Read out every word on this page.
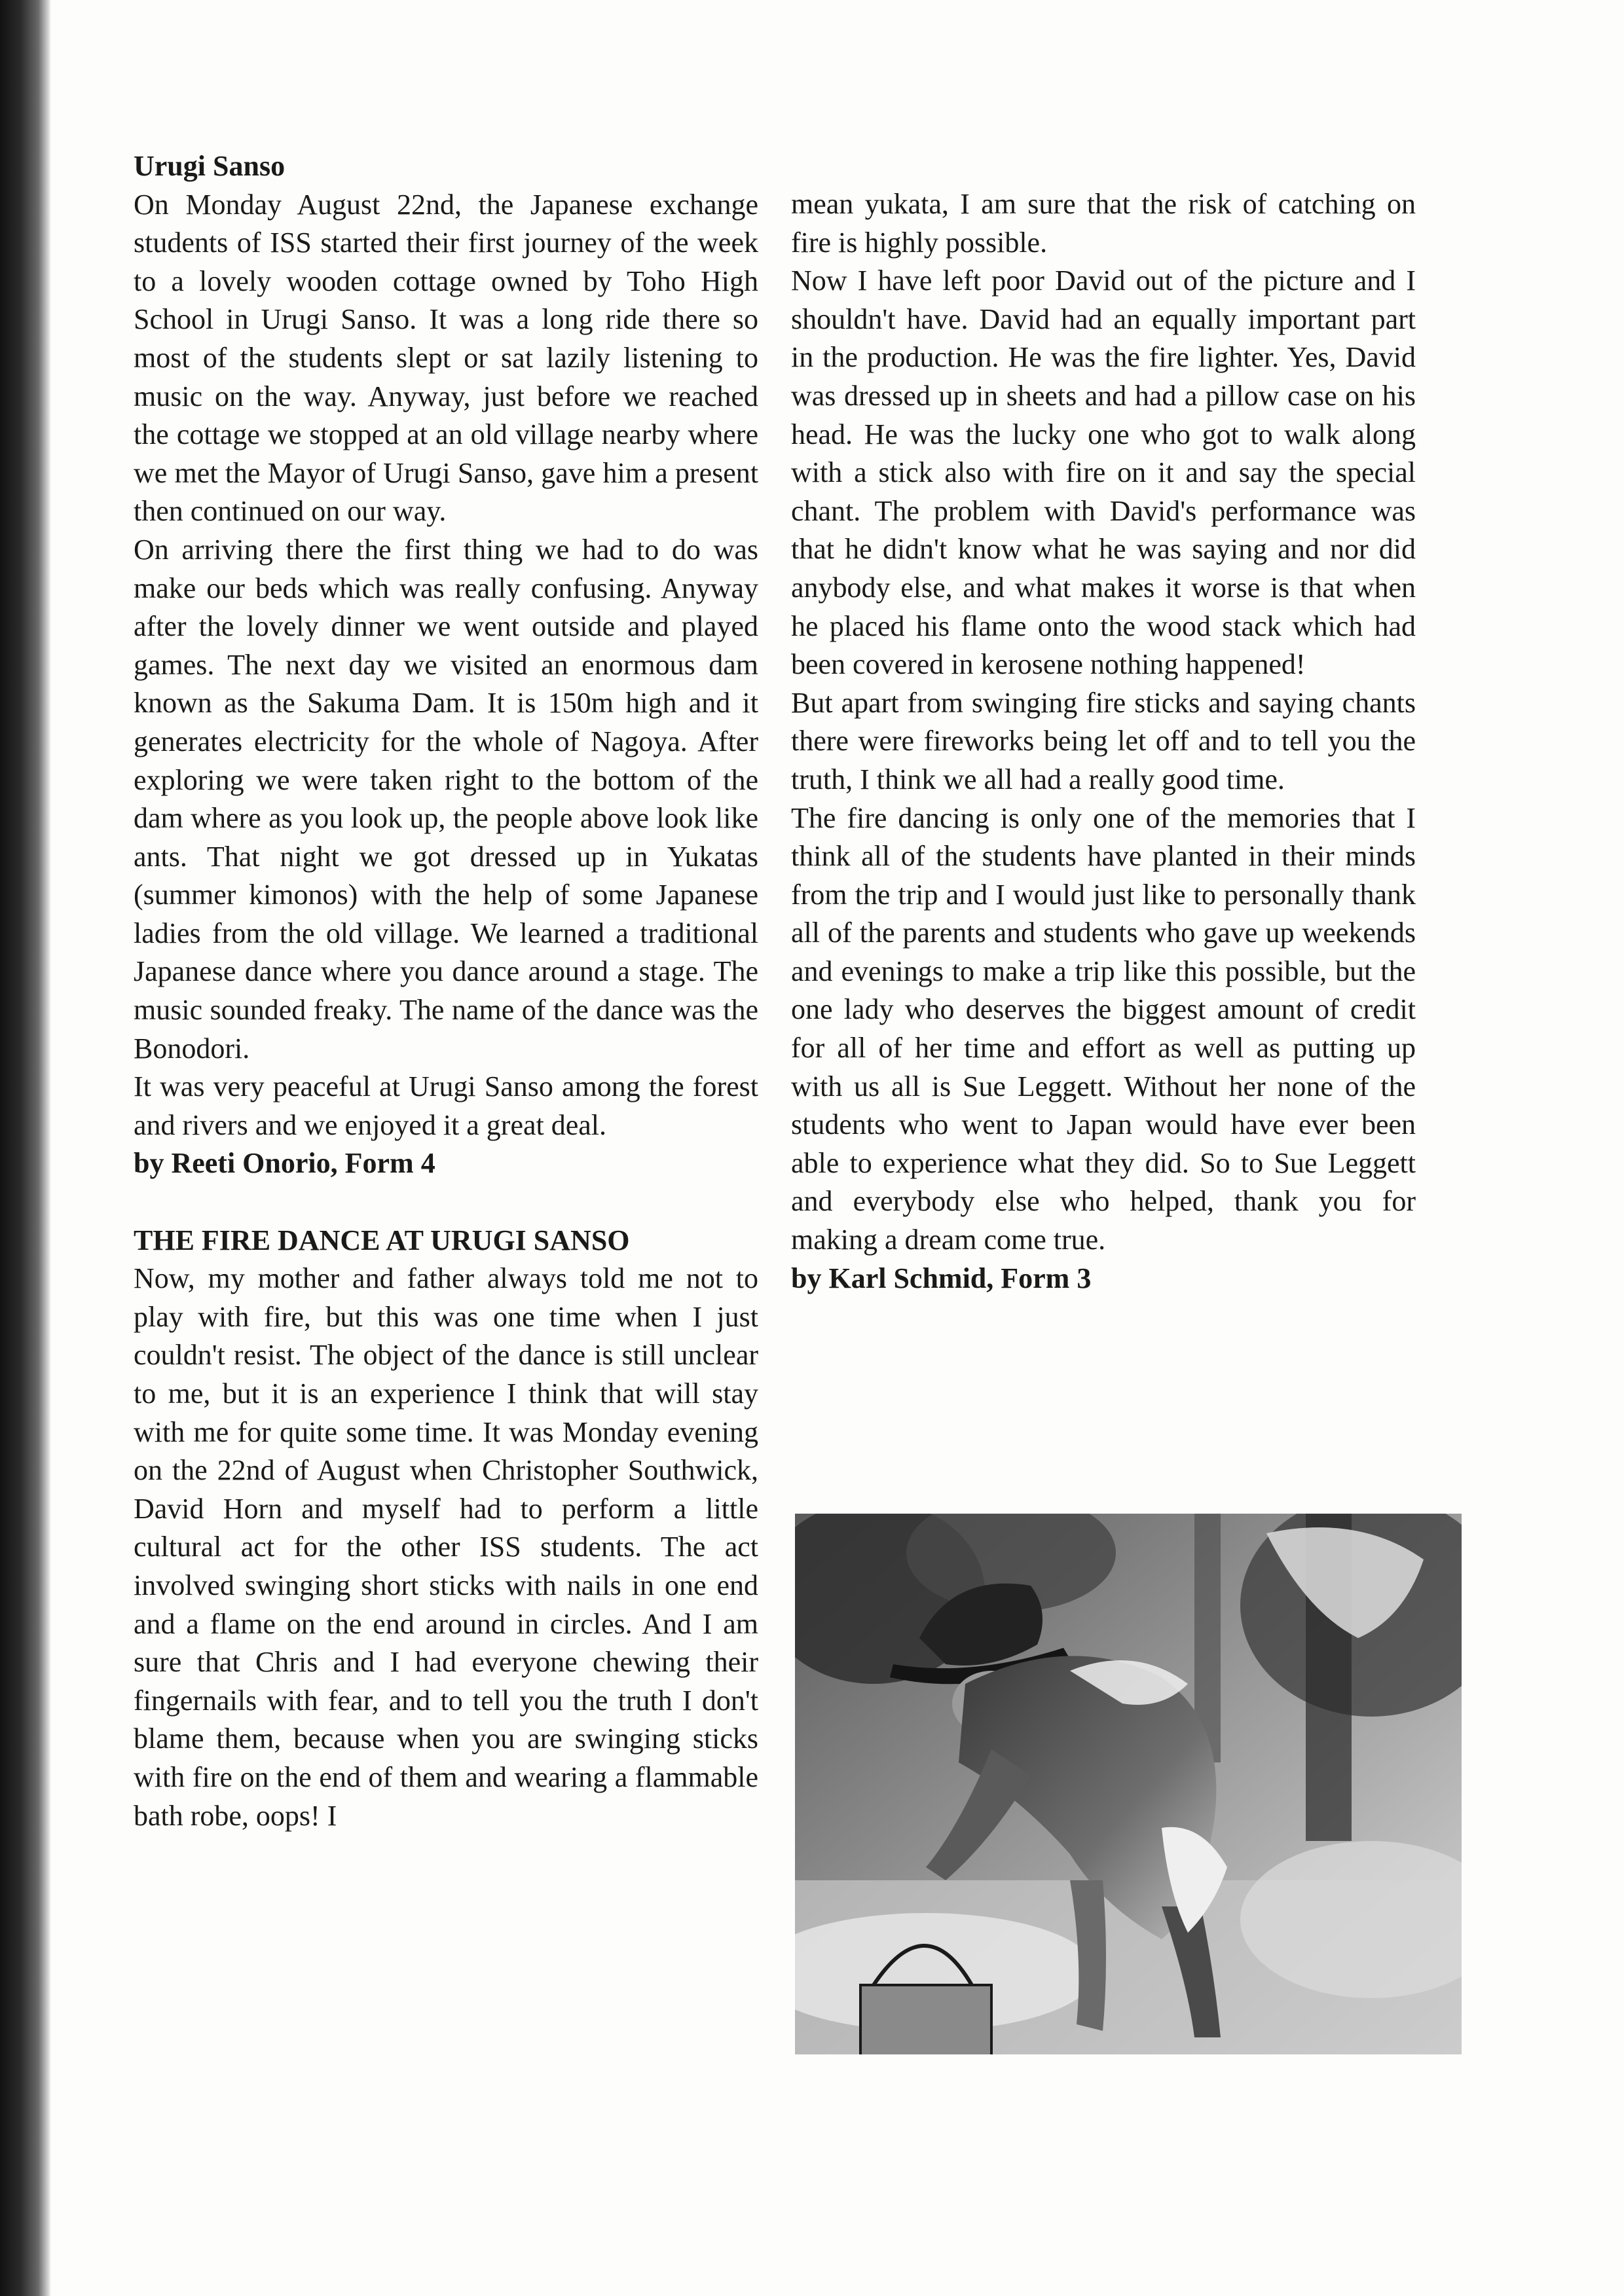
Urugi Sanso

On Monday August 22nd, the Japanese exchange students of ISS started their first journey of the week to a lovely wooden cottage owned by Toho High School in Urugi Sanso. It was a long ride there so most of the students slept or sat lazily listening to music on the way. Anyway, just before we reached the cottage we stopped at an old village nearby where we met the Mayor of Urugi Sanso, gave him a present then continued on our way.

On arriving there the first thing we had to do was make our beds which was really confusing. Anyway after the lovely dinner we went outside and played games. The next day we visited an enormous dam known as the Sakuma Dam. It is 150m high and it generates electricity for the whole of Nagoya. After exploring we were taken right to the bottom of the dam where as you look up, the people above look like ants. That night we got dressed up in Yukatas (summer kimonos) with the help of some Japanese ladies from the old village. We learned a traditional Japanese dance where you dance around a stage. The music sounded freaky. The name of the dance was the Bonodori.

It was very peaceful at Urugi Sanso among the forest and rivers and we enjoyed it a great deal.

by Reeti Onorio, Form 4

THE FIRE DANCE AT URUGI SANSO

Now, my mother and father always told me not to play with fire, but this was one time when I just couldn't resist. The object of the dance is still unclear to me, but it is an experience I think that will stay with me for quite some time. It was Monday evening on the 22nd of August when Christopher Southwick, David Horn and myself had to perform a little cultural act for the other ISS students. The act involved swinging short sticks with nails in one end and a flame on the end around in circles. And I am sure that Chris and I had everyone chewing their fingernails with fear, and to tell you the truth I don't blame them, because when you are swinging sticks with fire on the end of them and wearing a flammable bath robe, oops! I

mean yukata, I am sure that the risk of catching on fire is highly possible.

Now I have left poor David out of the picture and I shouldn't have. David had an equally important part in the production. He was the fire lighter. Yes, David was dressed up in sheets and had a pillow case on his head. He was the lucky one who got to walk along with a stick also with fire on it and say the special chant. The problem with David's performance was that he didn't know what he was saying and nor did anybody else, and what makes it worse is that when he placed his flame onto the wood stack which had been covered in kerosene nothing happened!

But apart from swinging fire sticks and saying chants there were fireworks being let off and to tell you the truth, I think we all had a really good time.

The fire dancing is only one of the memories that I think all of the students have planted in their minds from the trip and I would just like to personally thank all of the parents and students who gave up weekends and evenings to make a trip like this possible, but the one lady who deserves the biggest amount of credit for all of her time and effort as well as putting up with us all is Sue Leggett. Without her none of the students who went to Japan would have ever been able to experience what they did. So to Sue Leggett and everybody else who helped, thank you for making a dream come true.

by Karl Schmid, Form 3
